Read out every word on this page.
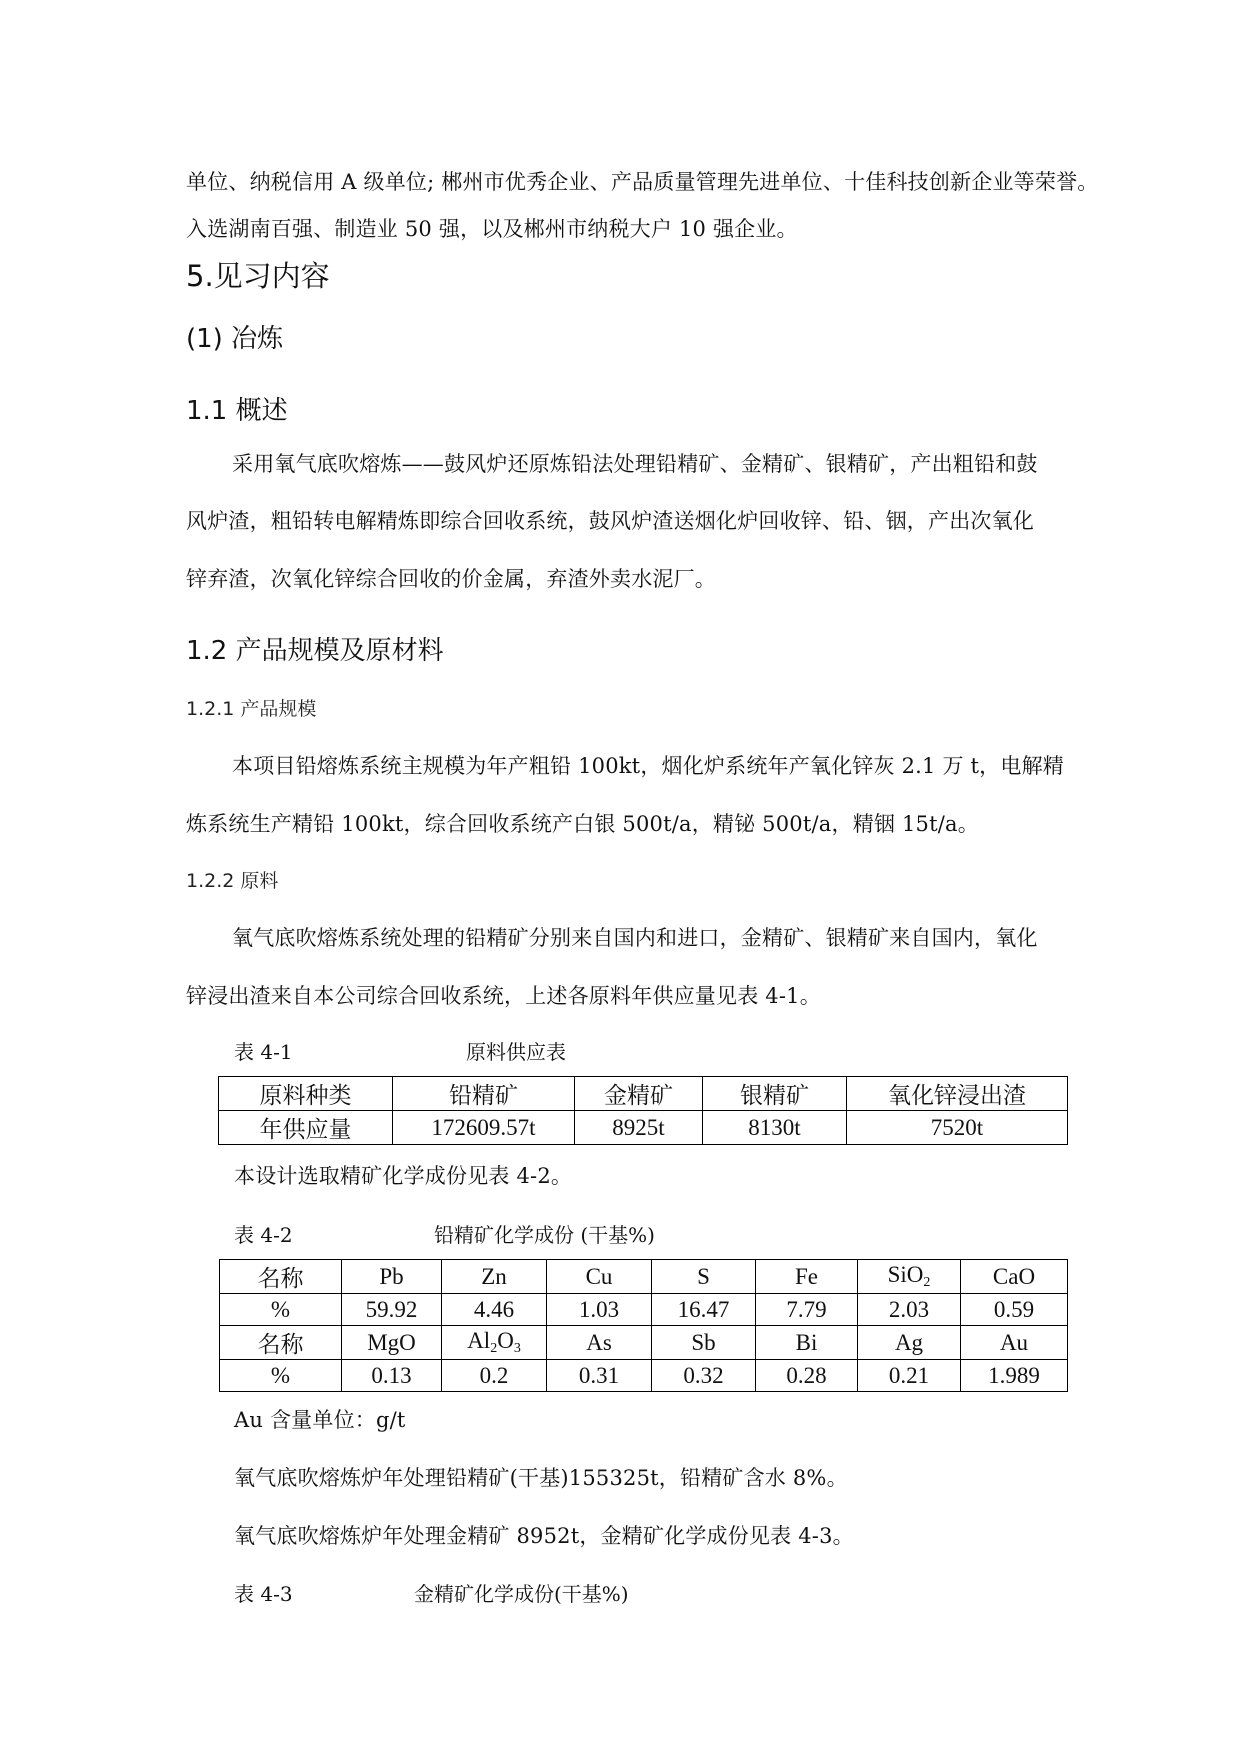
单位、纳税信用 A 级单位; 郴州市优秀企业、产品质量管理先进单位、十佳科技创新企业等荣誉。
入选湖南百强、制造业 50 强，以及郴州市纳税大户 10 强企业。
5.见习内容
(1) 冶炼
1.1 概述
采用氧气底吹熔炼——鼓风炉还原炼铅法处理铅精矿、金精矿、银精矿，产出粗铅和鼓
风炉渣，粗铅转电解精炼即综合回收系统，鼓风炉渣送烟化炉回收锌、铅、铟，产出次氧化
锌弃渣，次氧化锌综合回收的价金属，弃渣外卖水泥厂。
1.2 产品规模及原材料
1.2.1 产品规模
本项目铅熔炼系统主规模为年产粗铅 100kt，烟化炉系统年产氧化锌灰 2.1 万 t，电解精
炼系统生产精铅 100kt，综合回收系统产白银 500t/a，精铋 500t/a，精铟 15t/a。
1.2.2 原料
氧气底吹熔炼系统处理的铅精矿分别来自国内和进口，金精矿、银精矿来自国内，氧化
锌浸出渣来自本公司综合回收系统，上述各原料年供应量见表 4-1。
表 4-1	原料供应表
原料种类	铅精矿	金精矿	银精矿	氧化锌浸出渣
年供应量	172609.57t	8925t	8130t	7520t
本设计选取精矿化学成份见表 4-2。
表 4-2	铅精矿化学成份 (干基%)
名称	Pb	Zn	Cu	S	Fe	SiO$_2$	CaO
%	59.92	4.46	1.03	16.47	7.79	2.03	0.59
名称	MgO	$Al_2O_3$	As	Sb	Bi	Ag	Au
%	0.13	0.2	0.31	0.32	0.28	0.21	1.989
Au 含量单位：g/t
氧气底吹熔炼炉年处理铅精矿(干基)155325t，铅精矿含水 8%。
氧气底吹熔炼炉年处理金精矿 8952t，金精矿化学成份见表 4-3。
表 4-3	金精矿化学成份(干基%)
